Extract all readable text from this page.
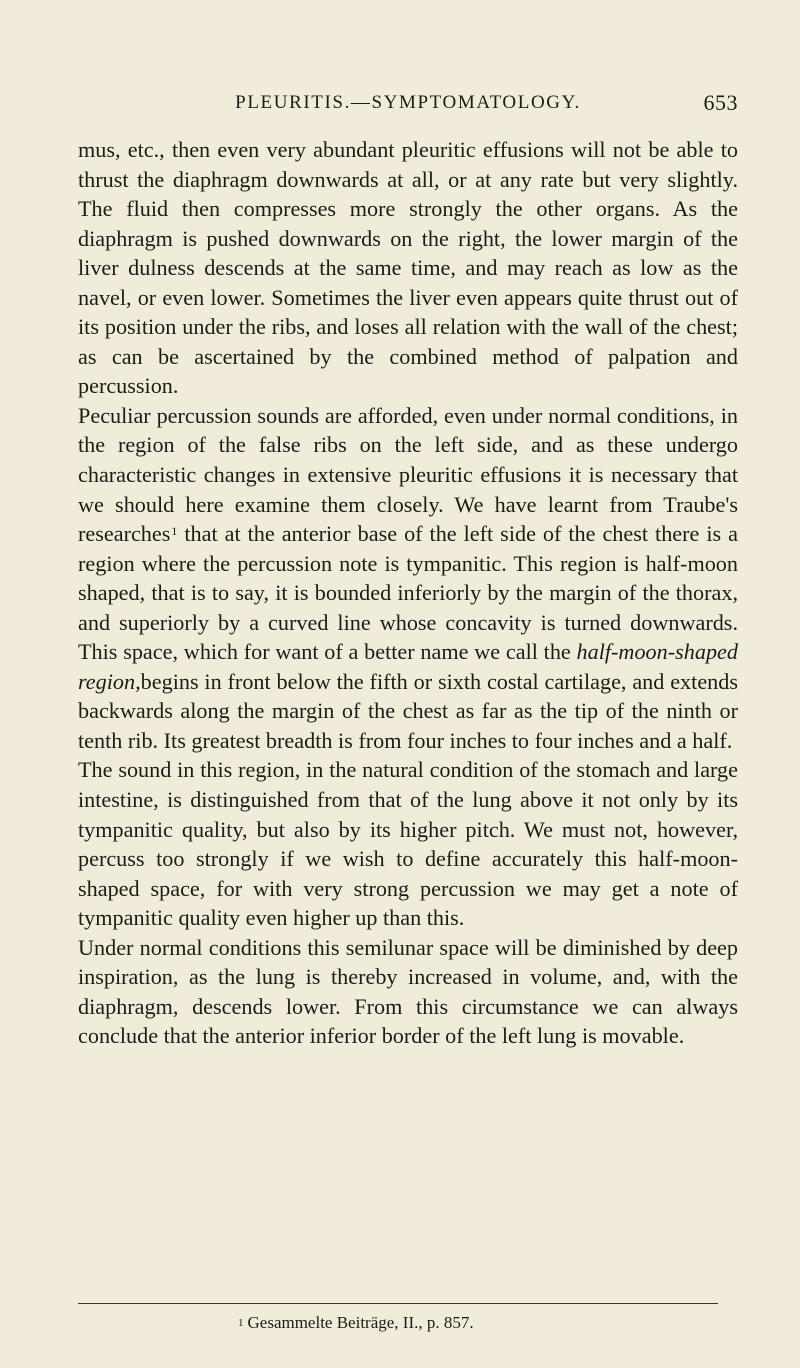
PLEURITIS.—SYMPTOMATOLOGY.	653

mus, etc., then even very abundant pleuritic effusions will not be able to thrust the diaphragm downwards at all, or at any rate but very slightly. The fluid then compresses more strongly the other organs. As the diaphragm is pushed downwards on the right, the lower margin of the liver dulness descends at the same time, and may reach as low as the navel, or even lower. Sometimes the liver even appears quite thrust out of its position under the ribs, and loses all relation with the wall of the chest; as can be ascertained by the combined method of palpation and percussion.

Peculiar percussion sounds are afforded, even under normal conditions, in the region of the false ribs on the left side, and as these undergo characteristic changes in extensive pleuritic effusions it is necessary that we should here examine them closely. We have learnt from Traube's researches$^1$ that at the anterior base of the left side of the chest there is a region where the percussion note is tympanitic. This region is half-moon shaped, that is to say, it is bounded inferiorly by the margin of the thorax, and superiorly by a curved line whose concavity is turned downwards. This space, which for want of a better name we call the half-moon-shaped region,begins in front below the fifth or sixth costal cartilage, and extends backwards along the margin of the chest as far as the tip of the ninth or tenth rib. Its greatest breadth is from four inches to four inches and a half.

The sound in this region, in the natural condition of the stomach and large intestine, is distinguished from that of the lung above it not only by its tympanitic quality, but also by its higher pitch. We must not, however, percuss too strongly if we wish to define accurately this half-moon-shaped space, for with very strong percussion we may get a note of tympanitic quality even higher up than this.

Under normal conditions this semilunar space will be diminished by deep inspiration, as the lung is thereby increased in volume, and, with the diaphragm, descends lower. From this circumstance we can always conclude that the anterior inferior border of the left lung is movable.

$^1$ Gesammelte Beiträge, II., p. 857.
